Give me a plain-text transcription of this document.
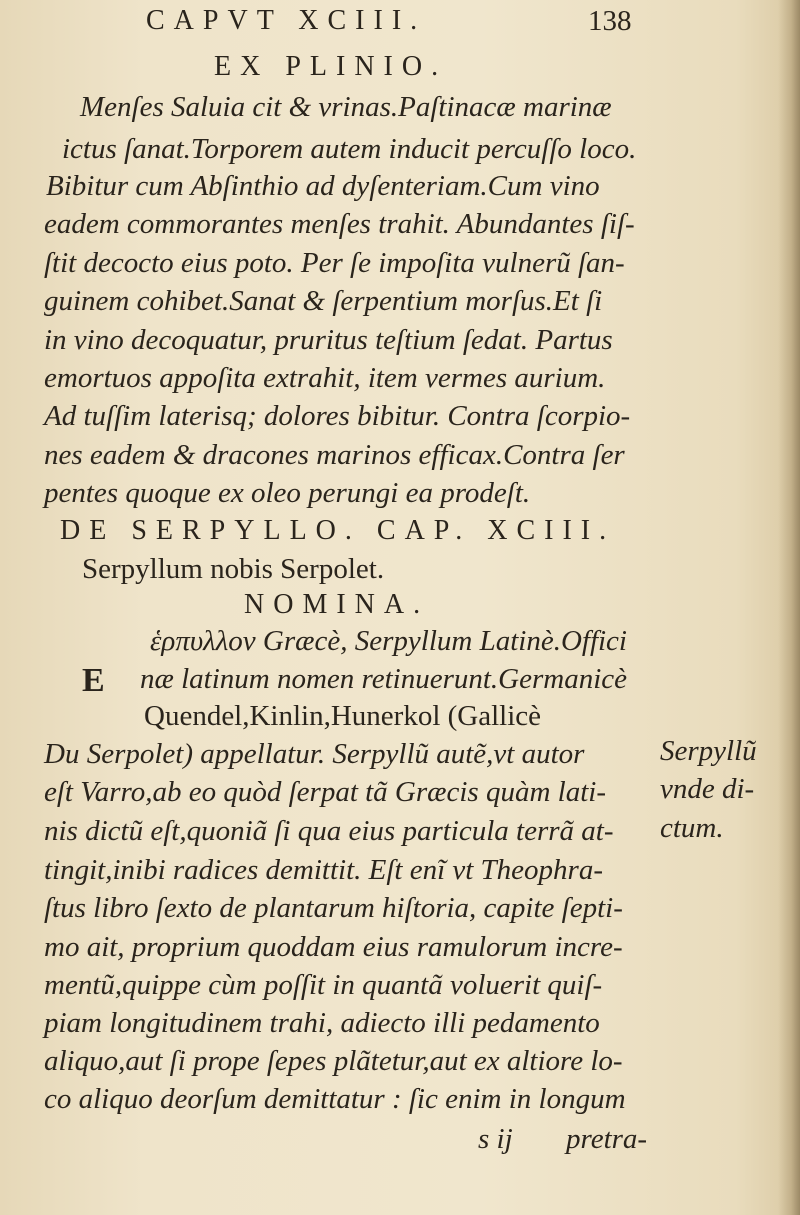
CAPVT XCIII.	138
EX PLINIO.
Menſes Saluia cit & vrinas.Paſtinacæ marinæ
ictus ſanat.Torporem autem inducit percuſſo loco.
Bibitur cum Abſinthio ad dyſenteriam.Cum vino
eadem commorantes menſes trahit. Abundantes ſiſ-
ſtit decocto eius poto. Per ſe impoſita vulnerũ ſan-
guinem cohibet.Sanat & ſerpentium morſus.Et ſi
in vino decoquatur, pruritus teſtium ſedat. Partus
emortuos appoſita extrahit, item vermes aurium.
Ad tuſſim laterisq; dolores bibitur. Contra ſcorpio-
nes eadem & dracones marinos efficax.Contra ſer
pentes quoque ex oleo perungi ea prodeſt.
DE SERPYLLO. CAP. XCIII.
Serpyllum nobis Serpolet.
NOMINA.
E
ἑρπυλλον Græcè, Serpyllum Latinè.Offici
næ latinum nomen retinuerunt.Germanicè
Quendel,Kinlin,Hunerkol (Gallicè
Du Serpolet) appellatur. Serpyllũ autẽ,vt autor
eſt Varro,ab eo quòd ſerpat tã Græcis quàm lati-
nis dictũ eſt,quoniã ſi qua eius particula terrã at-
tingit,inibi radices demittit. Eſt enĩ vt Theophra-
ſtus libro ſexto de plantarum hiſtoria, capite ſepti-
mo ait, proprium quoddam eius ramulorum incre-
mentũ,quippe cùm poſſit in quantã voluerit quiſ-
piam longitudinem trahi, adiecto illi pedamento
aliquo,aut ſi prope ſepes plãtetur,aut ex altiore lo-
co aliquo deorſum demittatur : ſic enim in longum
Serpyllũ
vnde di-
ctum.
s ij pretra-
